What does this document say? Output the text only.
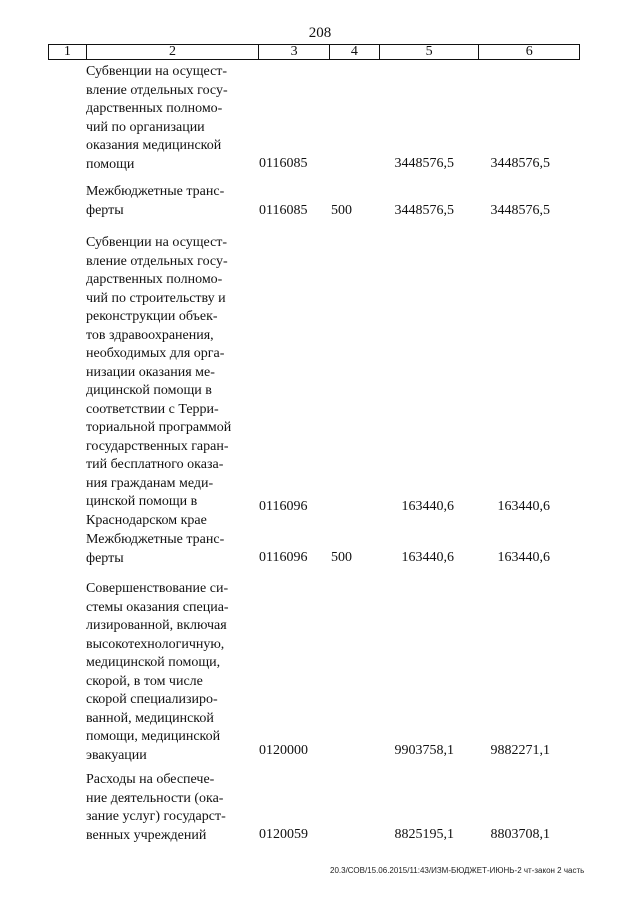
208
1	2	3	4	5	6
Субвенции на осущест-
вление отдельных госу-
дарственных полномо-
чий по организации
оказания медицинской
помощи	0116085	3448576,5	3448576,5
Межбюджетные транс-
ферты	0116085 500	3448576,5	3448576,5
Субвенции на осущест-
вление отдельных госу-
дарственных полномо-
чий по строительству и
реконструкции объек-
тов здравоохранения,
необходимых для орга-
низации оказания ме-
дицинской помощи в
соответствии с Терри-
ториальной программой
государственных гаран-
тий бесплатного оказа-
ния гражданам меди-
цинской помощи в
Краснодарском крае
0116096	163440,6	163440,6
Межбюджетные транс-
ферты	0116096 500	163440,6	163440,6
Совершенствование си-
стемы оказания специа-
лизированной, включая
высокотехнологичную,
медицинской помощи,
скорой, в том числе
скорой специализиро-
ванной, медицинской
помощи, медицинской
эвакуации	0120000	9903758,1	9882271,1
Расходы на обеспече-
ние деятельности (ока-
зание услуг) государст-
венных учреждений	0120059	8825195,1	8803708,1
20.3/СОВ/15.06.2015/11:43/ИЗМ-БЮДЖЕТ-ИЮНЬ-2 чт-закон 2 часть
